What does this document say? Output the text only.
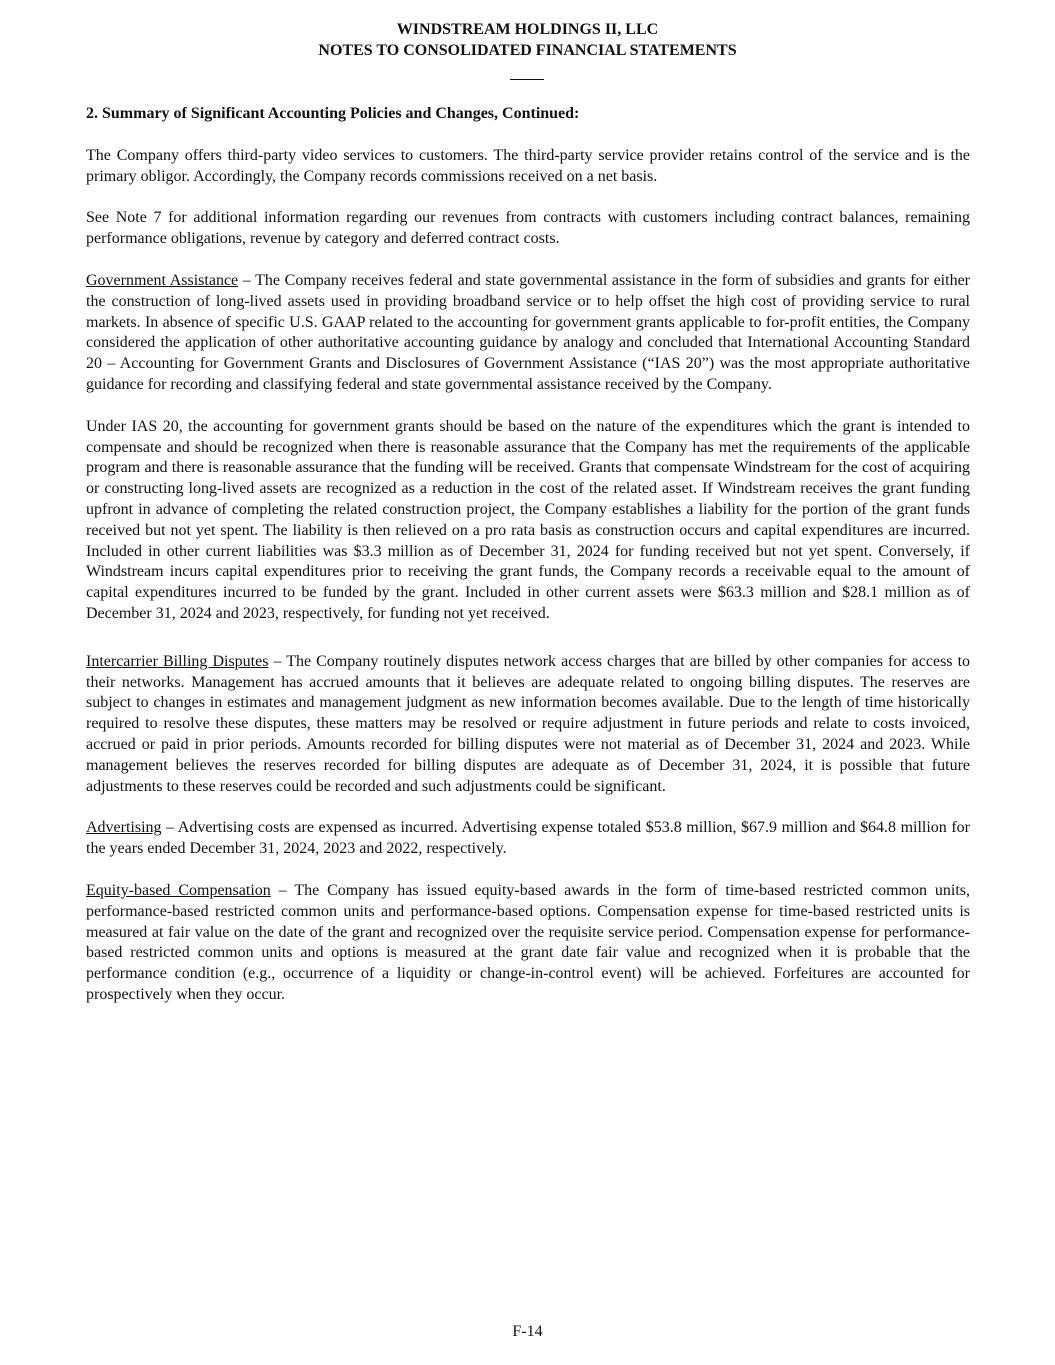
WINDSTREAM HOLDINGS II, LLC
NOTES TO CONSOLIDATED FINANCIAL STATEMENTS
2. Summary of Significant Accounting Policies and Changes, Continued:

The Company offers third-party video services to customers. The third-party service provider retains control of the service and is the primary obligor. Accordingly, the Company records commissions received on a net basis.

See Note 7 for additional information regarding our revenues from contracts with customers including contract balances, remaining performance obligations, revenue by category and deferred contract costs.

Government Assistance – The Company receives federal and state governmental assistance in the form of subsidies and grants for either the construction of long-lived assets used in providing broadband service or to help offset the high cost of providing service to rural markets. In absence of specific U.S. GAAP related to the accounting for government grants applicable to for-profit entities, the Company considered the application of other authoritative accounting guidance by analogy and concluded that International Accounting Standard 20 – Accounting for Government Grants and Disclosures of Government Assistance (“IAS 20”) was the most appropriate authoritative guidance for recording and classifying federal and state governmental assistance received by the Company.

Under IAS 20, the accounting for government grants should be based on the nature of the expenditures which the grant is intended to compensate and should be recognized when there is reasonable assurance that the Company has met the requirements of the applicable program and there is reasonable assurance that the funding will be received. Grants that compensate Windstream for the cost of acquiring or constructing long-lived assets are recognized as a reduction in the cost of the related asset. If Windstream receives the grant funding upfront in advance of completing the related construction project, the Company establishes a liability for the portion of the grant funds received but not yet spent. The liability is then relieved on a pro rata basis as construction occurs and capital expenditures are incurred. Included in other current liabilities was $3.3 million as of December 31, 2024 for funding received but not yet spent. Conversely, if Windstream incurs capital expenditures prior to receiving the grant funds, the Company records a receivable equal to the amount of capital expenditures incurred to be funded by the grant. Included in other current assets were $63.3 million and $28.1 million as of December 31, 2024 and 2023, respectively, for funding not yet received.

Intercarrier Billing Disputes – The Company routinely disputes network access charges that are billed by other companies for access to their networks. Management has accrued amounts that it believes are adequate related to ongoing billing disputes. The reserves are subject to changes in estimates and management judgment as new information becomes available. Due to the length of time historically required to resolve these disputes, these matters may be resolved or require adjustment in future periods and relate to costs invoiced, accrued or paid in prior periods. Amounts recorded for billing disputes were not material as of December 31, 2024 and 2023. While management believes the reserves recorded for billing disputes are adequate as of December 31, 2024, it is possible that future adjustments to these reserves could be recorded and such adjustments could be significant.

Advertising – Advertising costs are expensed as incurred. Advertising expense totaled $53.8 million, $67.9 million and $64.8 million for the years ended December 31, 2024, 2023 and 2022, respectively.

Equity-based Compensation – The Company has issued equity-based awards in the form of time-based restricted common units, performance-based restricted common units and performance-based options. Compensation expense for time-based restricted units is measured at fair value on the date of the grant and recognized over the requisite service period. Compensation expense for performance-based restricted common units and options is measured at the grant date fair value and recognized when it is probable that the performance condition (e.g., occurrence of a liquidity or change-in-control event) will be achieved. Forfeitures are accounted for prospectively when they occur.

F-14
